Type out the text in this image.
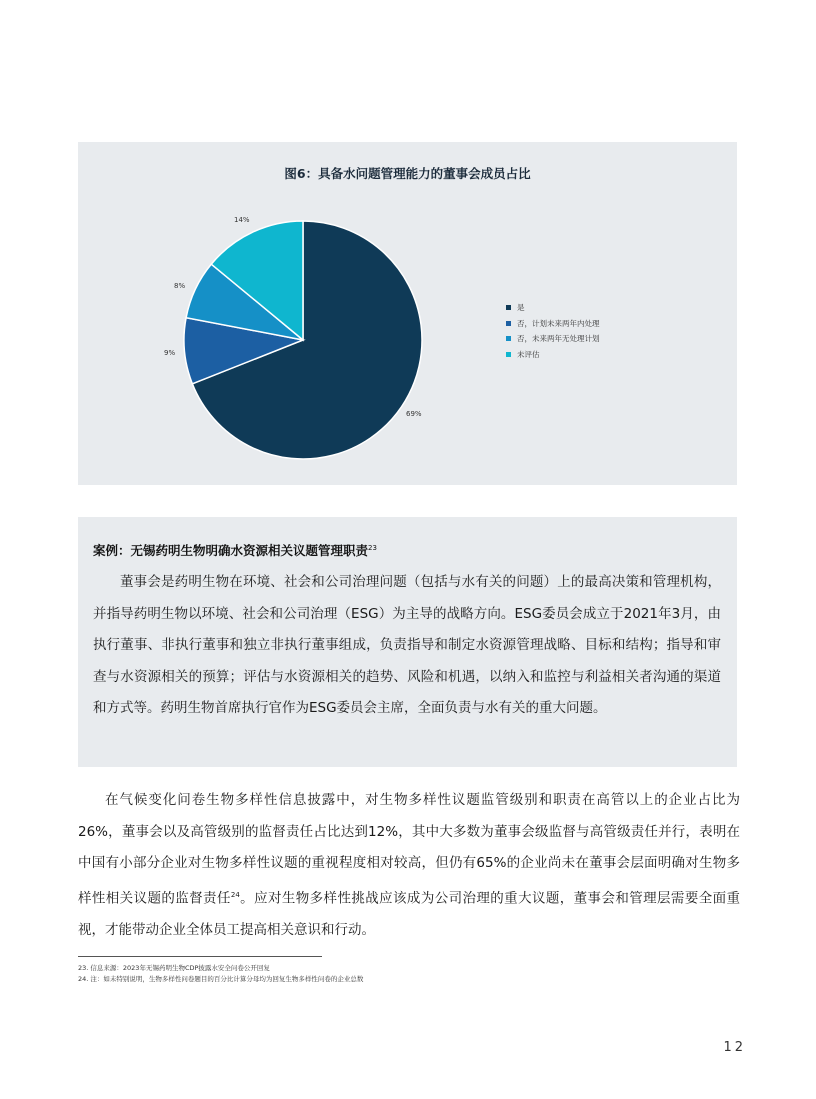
图6：具备水问题管理能力的董事会成员占比
69%
9%
8%
14%
是
否，计划未来两年内处理
否，未来两年无处理计划
未评估
案例：无锡药明生物明确水资源相关议题管理职责$^{23}$

董事会是药明生物在环境、社会和公司治理问题（包括与水有关的问题）上的最高决策和管理机构，并指导药明生物以环境、社会和公司治理（ESG）为主导的战略方向。ESG委员会成立于2021年3月，由执行董事、非执行董事和独立非执行董事组成，负责指导和制定水资源管理战略、目标和结构；指导和审查与水资源相关的预算；评估与水资源相关的趋势、风险和机遇，以纳入和监控与利益相关者沟通的渠道和方式等。药明生物首席执行官作为ESG委员会主席，全面负责与水有关的重大问题。

在气候变化问卷生物多样性信息披露中，对生物多样性议题监管级别和职责在高管以上的企业占比为26%，董事会以及高管级别的监督责任占比达到12%，其中大多数为董事会级监督与高管级责任并行，表明在中国有小部分企业对生物多样性议题的重视程度相对较高，但仍有65%的企业尚未在董事会层面明确对生物多样性相关议题的监督责任$^{24}$。应对生物多样性挑战应该成为公司治理的重大议题，董事会和管理层需要全面重视，才能带动企业全体员工提高相关意识和行动。

23. 信息来源：2023年无锡药明生物CDP披露水安全问卷公开回复
24. 注：如未特别说明，生物多样性问卷题目的百分比计算分母均为回复生物多样性问卷的企业总数
12
